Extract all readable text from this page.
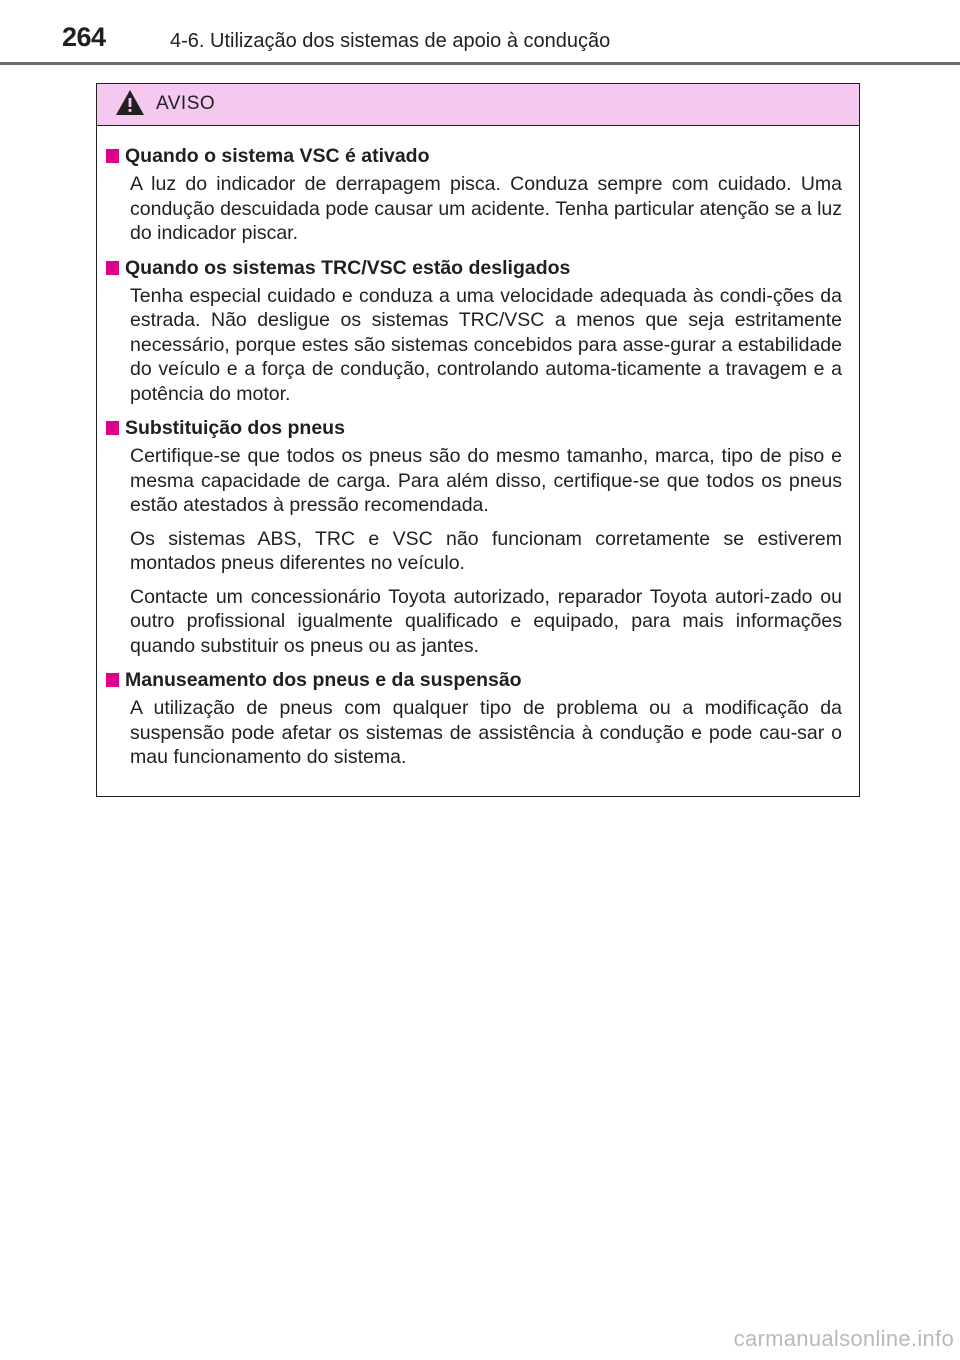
264	4-6. Utilização dos sistemas de apoio à condução
AVISO
Quando o sistema VSC é ativado

A luz do indicador de derrapagem pisca. Conduza sempre com cuidado. Uma condução descuidada pode causar um acidente. Tenha particular atenção se a luz do indicador piscar.

Quando os sistemas TRC/VSC estão desligados

Tenha especial cuidado e conduza a uma velocidade adequada às condi-ções da estrada. Não desligue os sistemas TRC/VSC a menos que seja estritamente necessário, porque estes são sistemas concebidos para asse-gurar a estabilidade do veículo e a força de condução, controlando automa-ticamente a travagem e a potência do motor.

Substituição dos pneus

Certifique-se que todos os pneus são do mesmo tamanho, marca, tipo de piso e mesma capacidade de carga. Para além disso, certifique-se que todos os pneus estão atestados à pressão recomendada.

Os sistemas ABS, TRC e VSC não funcionam corretamente se estiverem montados pneus diferentes no veículo.

Contacte um concessionário Toyota autorizado, reparador Toyota autori-zado ou outro profissional igualmente qualificado e equipado, para mais informações quando substituir os pneus ou as jantes.

Manuseamento dos pneus e da suspensão

A utilização de pneus com qualquer tipo de problema ou a modificação da suspensão pode afetar os sistemas de assistência à condução e pode cau-sar o mau funcionamento do sistema.

carmanualsonline.info
